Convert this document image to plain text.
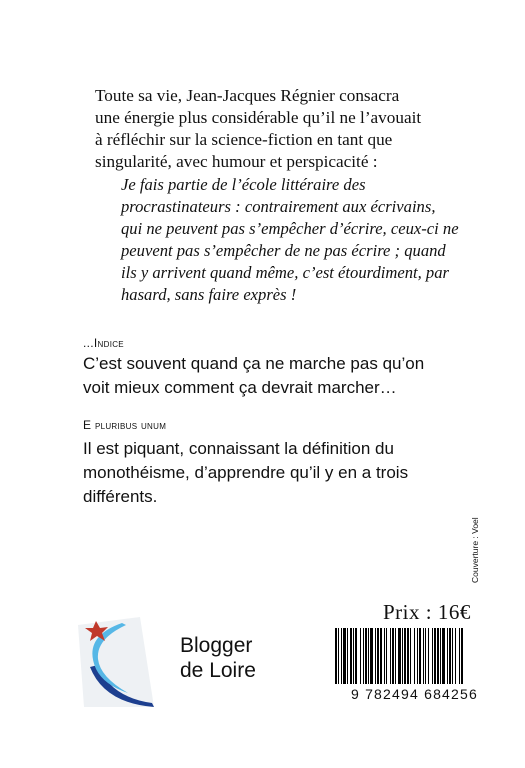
Toute sa vie, Jean-Jacques Régnier consacra
une énergie plus considérable qu’il ne l’avouait
à réfléchir sur la science-fiction en tant que
singularité, avec humour et perspicacité :
Je fais partie de l’école littéraire des
procrastinateurs : contrairement aux écrivains,
qui ne peuvent pas s’empêcher d’écrire, ceux-ci ne
peuvent pas s’empêcher de ne pas écrire ; quand
ils y arrivent quand même, c’est étourdiment, par
hasard, sans faire exprès !
...Indice
C’est souvent quand ça ne marche pas qu’on
voit mieux comment ça devrait marcher…
E pluribus unum
Il est piquant, connaissant la définition du
monothéisme, d’apprendre qu’il y en a trois
différents.
Couverture : Voel
Blogger
de Loire
Prix : 16€
9 782494 684256
